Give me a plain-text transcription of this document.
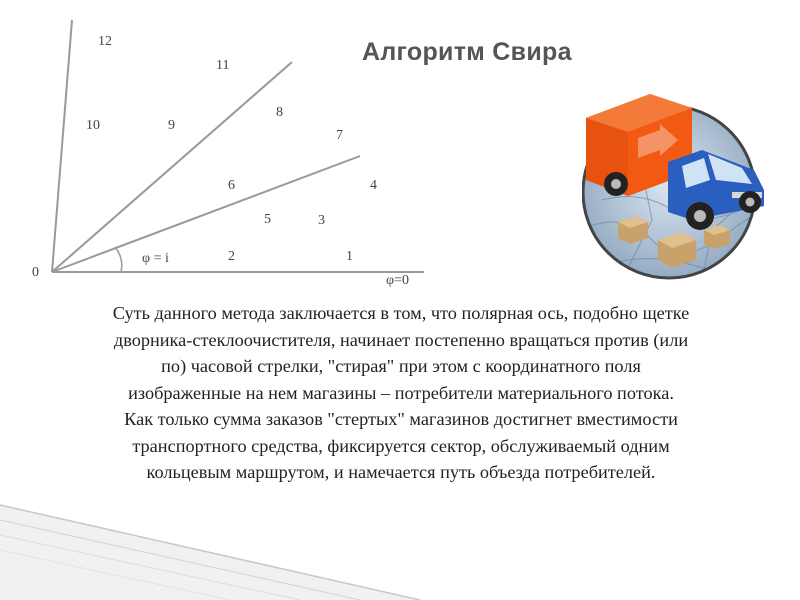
Алгоритм Свира
0
φ=0
φ = i	1
2
3
4
5
6
7
8
9
10
11
12
Суть данного метода заключается в том, что полярная ось, подобно щетке
дворника-стеклоочистителя, начинает постепенно вращаться против (или
по) часовой стрелки, "стирая" при этом с координатного поля
изображенные на нем магазины – потребители материального потока.
Как только сумма заказов "стертых" магазинов достигнет вместимости
транспортного средства, фиксируется сектор, обслуживаемый одним
кольцевым маршрутом, и намечается путь объезда потребителей.
